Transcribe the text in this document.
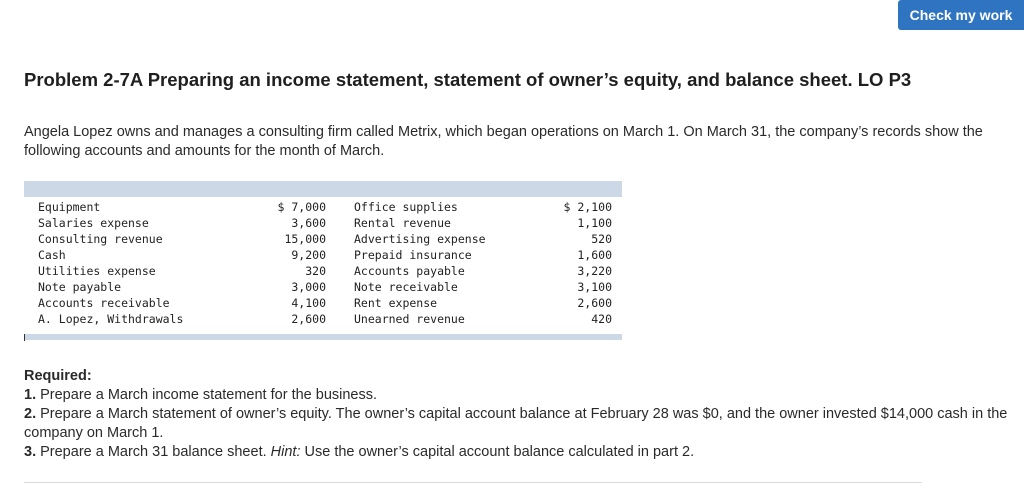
Check my work
Problem 2-7A Preparing an income statement, statement of owner’s equity, and balance sheet. LO P3

Angela Lopez owns and manages a consulting firm called Metrix, which began operations on March 1. On March 31, the company’s records show the following accounts and amounts for the month of March.

Equipment	$ 7,000 Office supplies	$ 2,100
Salaries expense	3,600 Rental revenue	1,100
Consulting revenue	15,000 Advertising expense	520
Cash	9,200 Prepaid insurance	1,600
Utilities expense	320 Accounts payable	3,220
Note payable	3,000 Note receivable	3,100
Accounts receivable	4,100 Rent expense	2,600
A. Lopez, Withdrawals	2,600 Unearned revenue	420

Required:

1. Prepare a March income statement for the business.

2. Prepare a March statement of owner’s equity. The owner’s capital account balance at February 28 was $0, and the owner invested $14,000 cash in the company on March 1.

3. Prepare a March 31 balance sheet. Hint: Use the owner’s capital account balance calculated in part 2.
